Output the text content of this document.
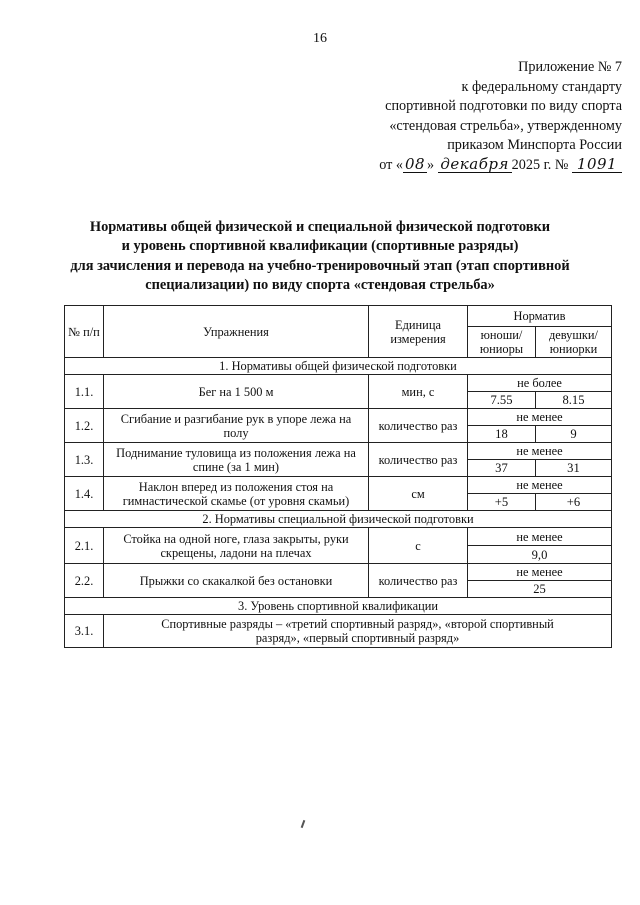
16
Приложение № 7
к федеральному стандарту
спортивной подготовки по виду спорта
«стендовая стрельба», утвержденному
приказом Минспорта России
от « 08 » декабря 2025 г. № 1091
Нормативы общей физической и специальной физической подготовки
и уровень спортивной квалификации (спортивные разряды)
для зачисления и перевода на учебно-тренировочный этап (этап спортивной
специализации) по виду спорта «стендовая стрельба»
№ п/п	Упражнения	Единица измерения	Норматив	
			юноши/ юниоры	девушки/ юниорки
1. Нормативы общей физической подготовки				
1.1.	Бег на 1 500 м	мин, с	не более	
			7.55	8.15
1.2.	Сгибание и разгибание рук в упоре лежа на полу	количество раз	не менее	
			18	9
1.3.	Поднимание туловища из положения лежа на спине (за 1 мин)	количество раз	не менее	
			37	31
1.4.	Наклон вперед из положения стоя на гимнастической скамье (от уровня скамьи)	см	не менее	
			+5	+6
2. Нормативы специальной физической подготовки				
2.1.	Стойка на одной ноге, глаза закрыты, руки скрещены, ладони на плечах	с	не менее	
			9,0	
2.2.	Прыжки со скакалкой без остановки	количество раз	не менее	
			25	
3. Уровень спортивной квалификации				
3.1.	Спортивные разряды – «третий спортивный разряд», «второй спортивный разряд», «первый спортивный разряд»			
